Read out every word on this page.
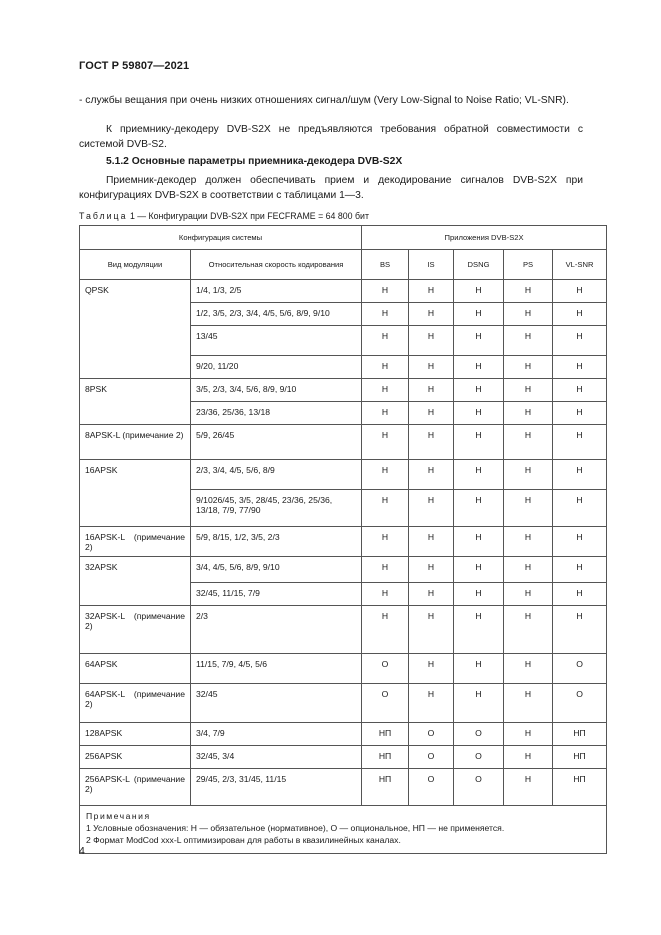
ГОСТ Р 59807—2021
- службы вещания при очень низких отношениях сигнал/шум (Very Low-Signal to Noise Ratio; VL-SNR).
К приемнику-декодеру DVB-S2X не предъявляются требования обратной совместимости с системой DVB-S2.
5.1.2 Основные параметры приемника-декодера DVB-S2X
Приемник-декодер должен обеспечивать прием и декодирование сигналов DVB-S2X при конфигурациях DVB-S2X в соответствии с таблицами 1—3.
Таблица 1 — Конфигурации DVB-S2X при FECFRAME = 64 800 бит
Конфигурация системы		Приложения DVB-S2X				
Вид модуляции	Относительная скорость кодирования	BS	IS	DSNG	PS	VL-SNR
QPSK	1/4, 1/3, 2/5	Н	Н	Н	Н	Н
	1/2, 3/5, 2/3, 3/4, 4/5, 5/6, 8/9, 9/10	Н	Н	Н	Н	Н
	13/45	Н	Н	Н	Н	Н
	9/20, 11/20	Н	Н	Н	Н	Н
8PSK	3/5, 2/3, 3/4, 5/6, 8/9, 9/10	Н	Н	Н	Н	Н
	23/36, 25/36, 13/18	Н	Н	Н	Н	Н
8APSK-L (примечание 2)	5/9, 26/45	Н	Н	Н	Н	Н
16APSK	2/3, 3/4, 4/5, 5/6, 8/9	Н	Н	Н	Н	Н
	9/1026/45, 3/5, 28/45, 23/36, 25/36, 13/18, 7/9, 77/90	Н	Н	Н	Н	Н
16APSK-L (примечание 2)	5/9, 8/15, 1/2, 3/5, 2/3	Н	Н	Н	Н	Н
32APSK	3/4, 4/5, 5/6, 8/9, 9/10	Н	Н	Н	Н	Н
	32/45, 11/15, 7/9	Н	Н	Н	Н	Н
32APSK-L (примечание 2)	2/3	Н	Н	Н	Н	Н
64APSK	11/15, 7/9, 4/5, 5/6	О	Н	Н	Н	О
64APSK-L (примечание 2)	32/45	О	Н	Н	Н	О
128APSK	3/4, 7/9	НП	О	О	Н	НП
256APSK	32/45, 3/4	НП	О	О	Н	НП
256APSK-L (примечание 2)	29/45, 2/3, 31/45, 11/15	НП	О	О	Н	НП

Примечания
1 Условные обозначения: Н — обязательное (нормативное), О — опциональное, НП — не применяется.
2 Формат ModCod xxx-L оптимизирован для работы в квазилинейных каналах.						
4
